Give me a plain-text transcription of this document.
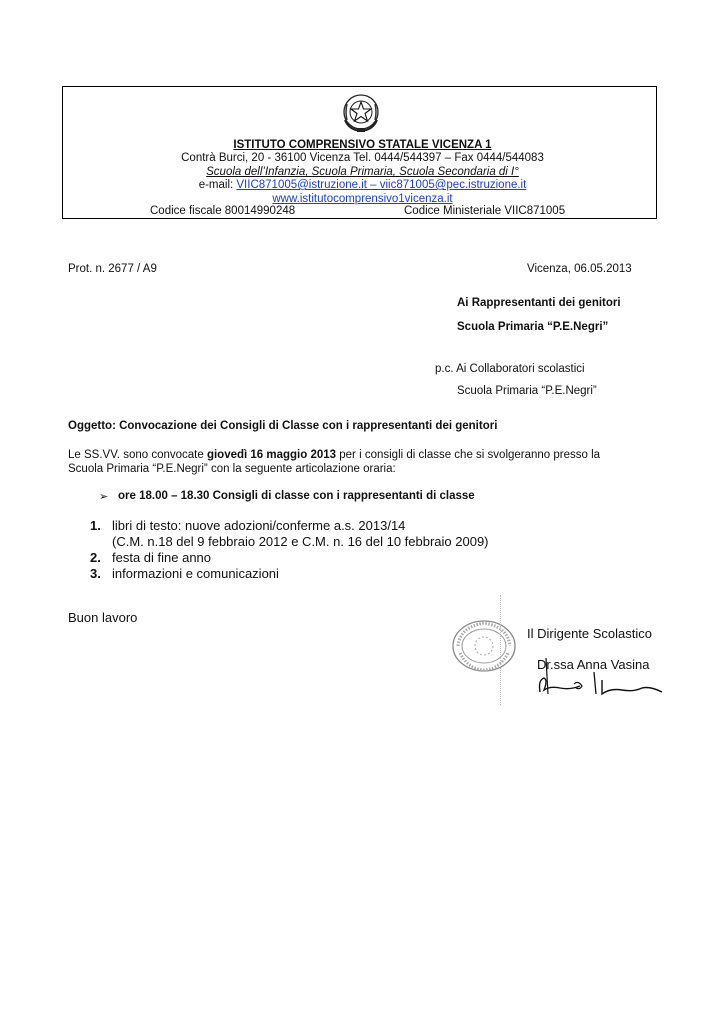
ISTITUTO COMPRENSIVO STATALE VICENZA 1
Contrà Burci, 20 - 36100 Vicenza Tel. 0444/544397 – Fax 0444/544083
Scuola dell’Infanzia, Scuola Primaria, Scuola Secondaria di I°
e-mail: VIIC871005@istruzione.it – viic871005@pec.istruzione.it
www.istitutocomprensivo1vicenza.it
Codice fiscale 80014990248	Codice Ministeriale VIIC871005
Prot. n. 2677 / A9	Vicenza, 06.05.2013
Ai Rappresentanti dei genitori
Scuola Primaria “P.E.Negri”
p.c. Ai Collaboratori scolastici
Scuola Primaria “P.E.Negri”
Oggetto: Convocazione dei Consigli di Classe con i rappresentanti dei genitori
Le SS.VV. sono convocate giovedì 16 maggio 2013 per i consigli di classe che si svolgeranno presso la
Scuola Primaria “P.E.Negri” con la seguente articolazione oraria:
➢ ore 18.00 – 18.30 Consigli di classe con i rappresentanti di classe
1. libri di testo: nuove adozioni/conferme a.s. 2013/14
(C.M. n.18 del 9 febbraio 2012 e C.M. n. 16 del 10 febbraio 2009)
2. festa di fine anno
3. informazioni e comunicazioni
Buon lavoro
Il Dirigente Scolastico
Dr.ssa Anna Vasina
